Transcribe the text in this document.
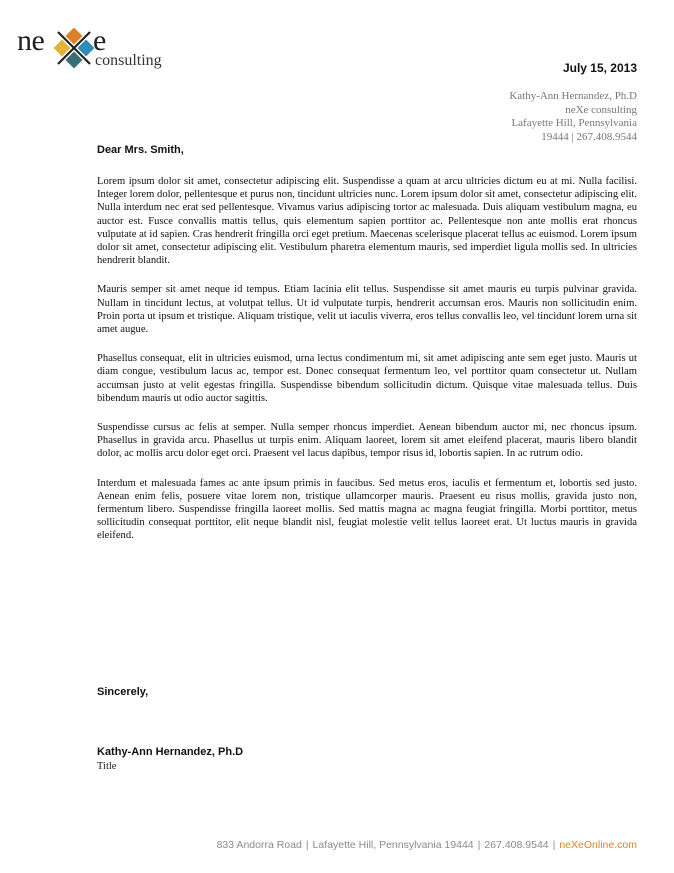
ne e
consulting	July 15, 2013
Kathy-Ann Hernandez, Ph.D
neXe consulting
Lafayette Hill, Pennsylvania
19444 | 267.408.9544
Dear Mrs. Smith,

Lorem ipsum dolor sit amet, consectetur adipiscing elit. Suspendisse a quam at arcu ultricies dictum eu at mi. Nulla facilisi. Integer lorem dolor, pellentesque et purus non, tincidunt ultricies nunc. Lorem ipsum dolor sit amet, consectetur adipiscing elit. Nulla interdum nec erat sed pellentesque. Vivamus varius adipiscing tortor ac malesuada. Duis aliquam vestibulum magna, eu auctor est. Fusce convallis mattis tellus, quis elementum sapien porttitor ac. Pellentesque non ante mollis erat rhoncus vulputate at id sapien. Cras hendrerit fringilla orci eget pretium. Maecenas scelerisque placerat tellus ac euismod. Lorem ipsum dolor sit amet, consectetur adipiscing elit. Vestibulum pharetra elementum mauris, sed imperdiet ligula mollis sed. In ultricies hendrerit blandit.

Mauris semper sit amet neque id tempus. Etiam lacinia elit tellus. Suspendisse sit amet mauris eu turpis pulvinar gravida. Nullam in tincidunt lectus, at volutpat tellus. Ut id vulputate turpis, hendrerit accumsan eros. Mauris non sollicitudin enim. Proin porta ut ipsum et tristique. Aliquam tristique, velit ut iaculis viverra, eros tellus convallis leo, vel tincidunt lorem urna sit amet augue.

Phasellus consequat, elit in ultricies euismod, urna lectus condimentum mi, sit amet adipiscing ante sem eget justo. Mauris ut diam congue, vestibulum lacus ac, tempor est. Donec consequat fermentum leo, vel porttitor quam consectetur ut. Nullam accumsan justo at velit egestas fringilla. Suspendisse bibendum sollicitudin dictum. Quisque vitae malesuada tellus. Duis bibendum mauris ut odio auctor sagittis.

Suspendisse cursus ac felis at semper. Nulla semper rhoncus imperdiet. Aenean bibendum auctor mi, nec rhoncus ipsum. Phasellus in gravida arcu. Phasellus ut turpis enim. Aliquam laoreet, lorem sit amet eleifend placerat, mauris libero blandit dolor, ac mollis arcu dolor eget orci. Praesent vel lacus dapibus, tempor risus id, lobortis sapien. In ac rutrum odio.

Interdum et malesuada fames ac ante ipsum primis in faucibus. Sed metus eros, iaculis et fermentum et, lobortis sed justo. Aenean enim felis, posuere vitae lorem non, tristique ullamcorper mauris. Praesent eu risus mollis, gravida justo non, fermentum libero. Suspendisse fringilla laoreet mollis. Sed mattis magna ac magna feugiat fringilla. Morbi porttitor, metus sollicitudin consequat porttitor, elit neque blandit nisl, feugiat molestie velit tellus laoreet erat. Ut luctus mauris in gravida eleifend.

Sincerely,
Kathy-Ann Hernandez, Ph.D
Title
833 Andorra Road | Lafayette Hill, Pennsylvania 19444 | 267.408.9544 | neXeOnline.com
